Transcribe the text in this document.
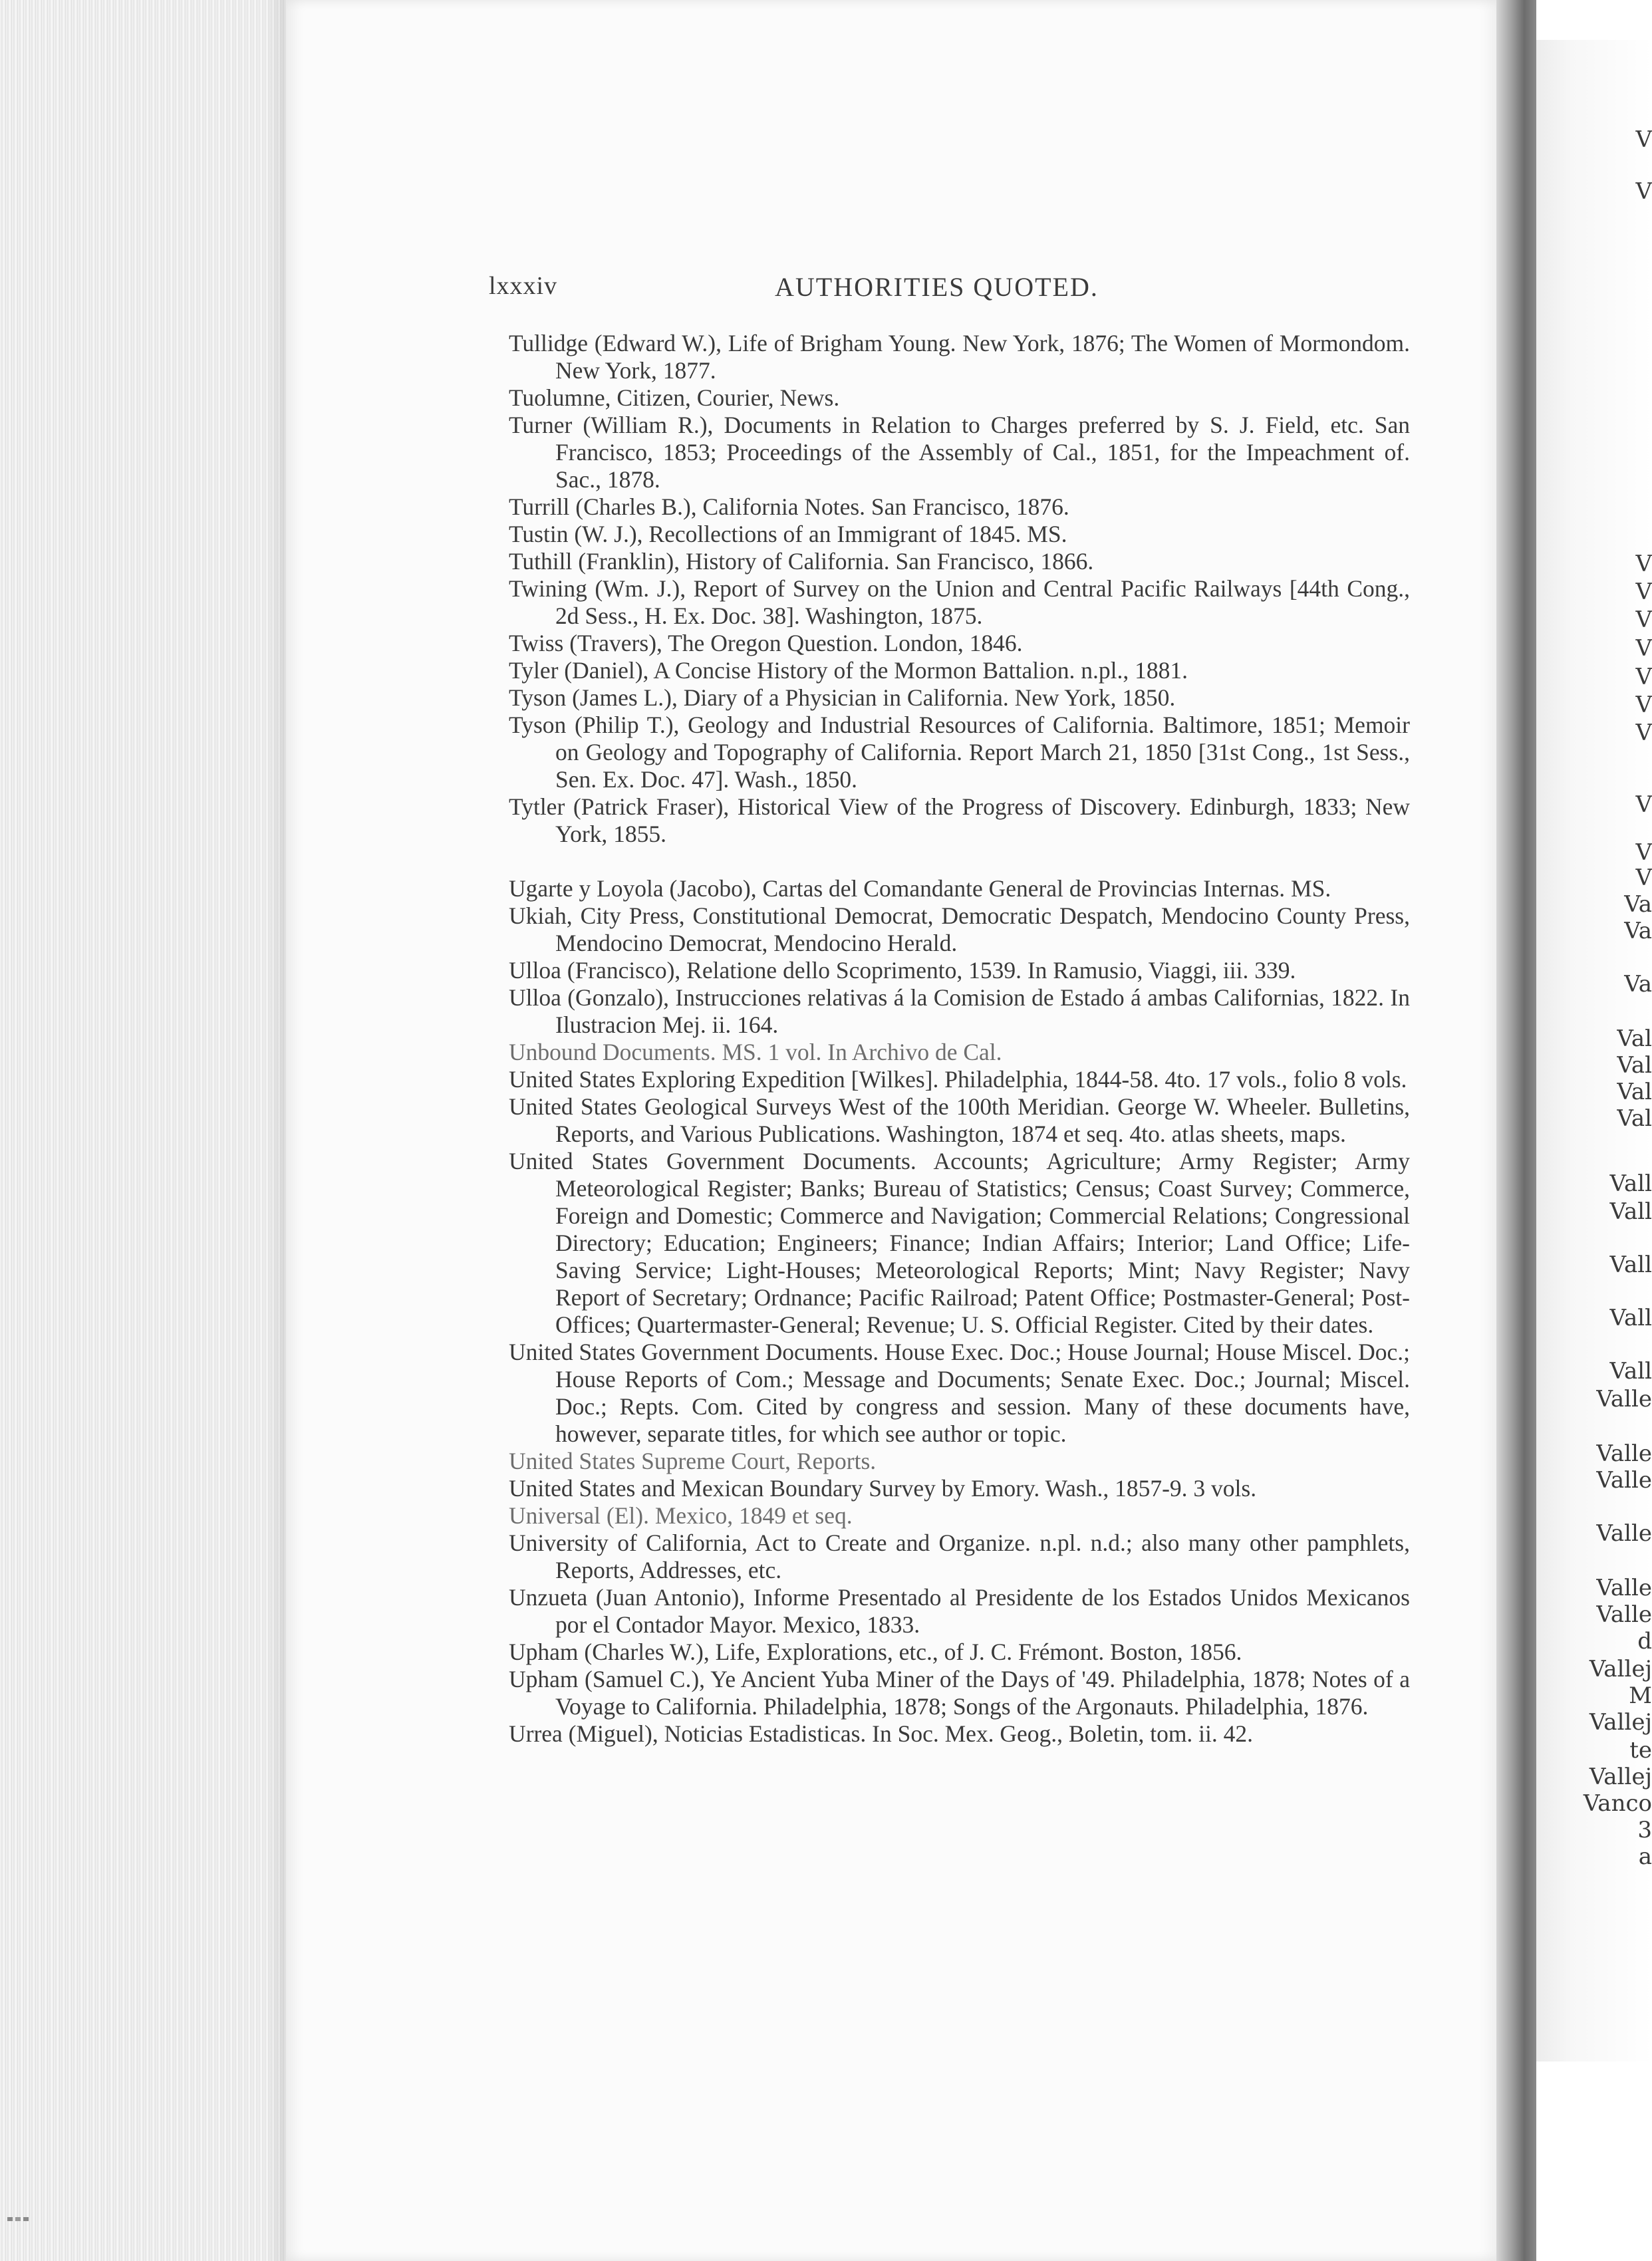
V
V
V
V
V
V
V
V
V
V
V
V
Va
Va
Va
Val
Val
Val
Val
Vall
Vall
Vall
Vall
Vall
Valle
Valle
Valle
Valle
Valle
Valle
d
Vallej
M
Vallej
te
Vallej
Vanco
3
a
lxxxiv	AUTHORITIES QUOTED.

Tullidge (Edward W.), Life of Brigham Young. New York, 1876; The Women of Mormondom. New York, 1877.

Tuolumne, Citizen, Courier, News.

Turner (William R.), Documents in Relation to Charges preferred by S. J. Field, etc. San Francisco, 1853; Proceedings of the Assembly of Cal., 1851, for the Impeachment of. Sac., 1878.

Turrill (Charles B.), California Notes. San Francisco, 1876.

Tustin (W. J.), Recollections of an Immigrant of 1845. MS.

Tuthill (Franklin), History of California. San Francisco, 1866.

Twining (Wm. J.), Report of Survey on the Union and Central Pacific Railways [44th Cong., 2d Sess., H. Ex. Doc. 38]. Washington, 1875.

Twiss (Travers), The Oregon Question. London, 1846.

Tyler (Daniel), A Concise History of the Mormon Battalion. n.pl., 1881.

Tyson (James L.), Diary of a Physician in California. New York, 1850.

Tyson (Philip T.), Geology and Industrial Resources of California. Baltimore, 1851; Memoir on Geology and Topography of California. Report March 21, 1850 [31st Cong., 1st Sess., Sen. Ex. Doc. 47]. Wash., 1850.

Tytler (Patrick Fraser), Historical View of the Progress of Discovery. Edinburgh, 1833; New York, 1855.

Ugarte y Loyola (Jacobo), Cartas del Comandante General de Provincias Internas. MS.

Ukiah, City Press, Constitutional Democrat, Democratic Despatch, Mendocino County Press, Mendocino Democrat, Mendocino Herald.

Ulloa (Francisco), Relatione dello Scoprimento, 1539. In Ramusio, Viaggi, iii. 339.

Ulloa (Gonzalo), Instrucciones relativas á la Comision de Estado á ambas Californias, 1822. In Ilustracion Mej. ii. 164.

Unbound Documents. MS. 1 vol. In Archivo de Cal.

United States Exploring Expedition [Wilkes]. Philadelphia, 1844-58. 4to. 17 vols., folio 8 vols.

United States Geological Surveys West of the 100th Meridian. George W. Wheeler. Bulletins, Reports, and Various Publications. Washington, 1874 et seq. 4to. atlas sheets, maps.

United States Government Documents. Accounts; Agriculture; Army Register; Army Meteorological Register; Banks; Bureau of Statistics; Census; Coast Survey; Commerce, Foreign and Domestic; Commerce and Navigation; Commercial Relations; Congressional Directory; Education; Engineers; Finance; Indian Affairs; Interior; Land Office; Life-Saving Service; Light-Houses; Meteorological Reports; Mint; Navy Register; Navy Report of Secretary; Ordnance; Pacific Railroad; Patent Office; Postmaster-General; Post-Offices; Quartermaster-General; Revenue; U. S. Official Register. Cited by their dates.

United States Government Documents. House Exec. Doc.; House Journal; House Miscel. Doc.; House Reports of Com.; Message and Documents; Senate Exec. Doc.; Journal; Miscel. Doc.; Repts. Com. Cited by congress and session. Many of these documents have, however, separate titles, for which see author or topic.

United States Supreme Court, Reports.

United States and Mexican Boundary Survey by Emory. Wash., 1857-9. 3 vols.

Universal (El). Mexico, 1849 et seq.

University of California, Act to Create and Organize. n.pl. n.d.; also many other pamphlets, Reports, Addresses, etc.

Unzueta (Juan Antonio), Informe Presentado al Presidente de los Estados Unidos Mexicanos por el Contador Mayor. Mexico, 1833.

Upham (Charles W.), Life, Explorations, etc., of J. C. Frémont. Boston, 1856.

Upham (Samuel C.), Ye Ancient Yuba Miner of the Days of '49. Philadelphia, 1878; Notes of a Voyage to California. Philadelphia, 1878; Songs of the Argonauts. Philadelphia, 1876.

Urrea (Miguel), Noticias Estadisticas. In Soc. Mex. Geog., Boletin, tom. ii. 42.
